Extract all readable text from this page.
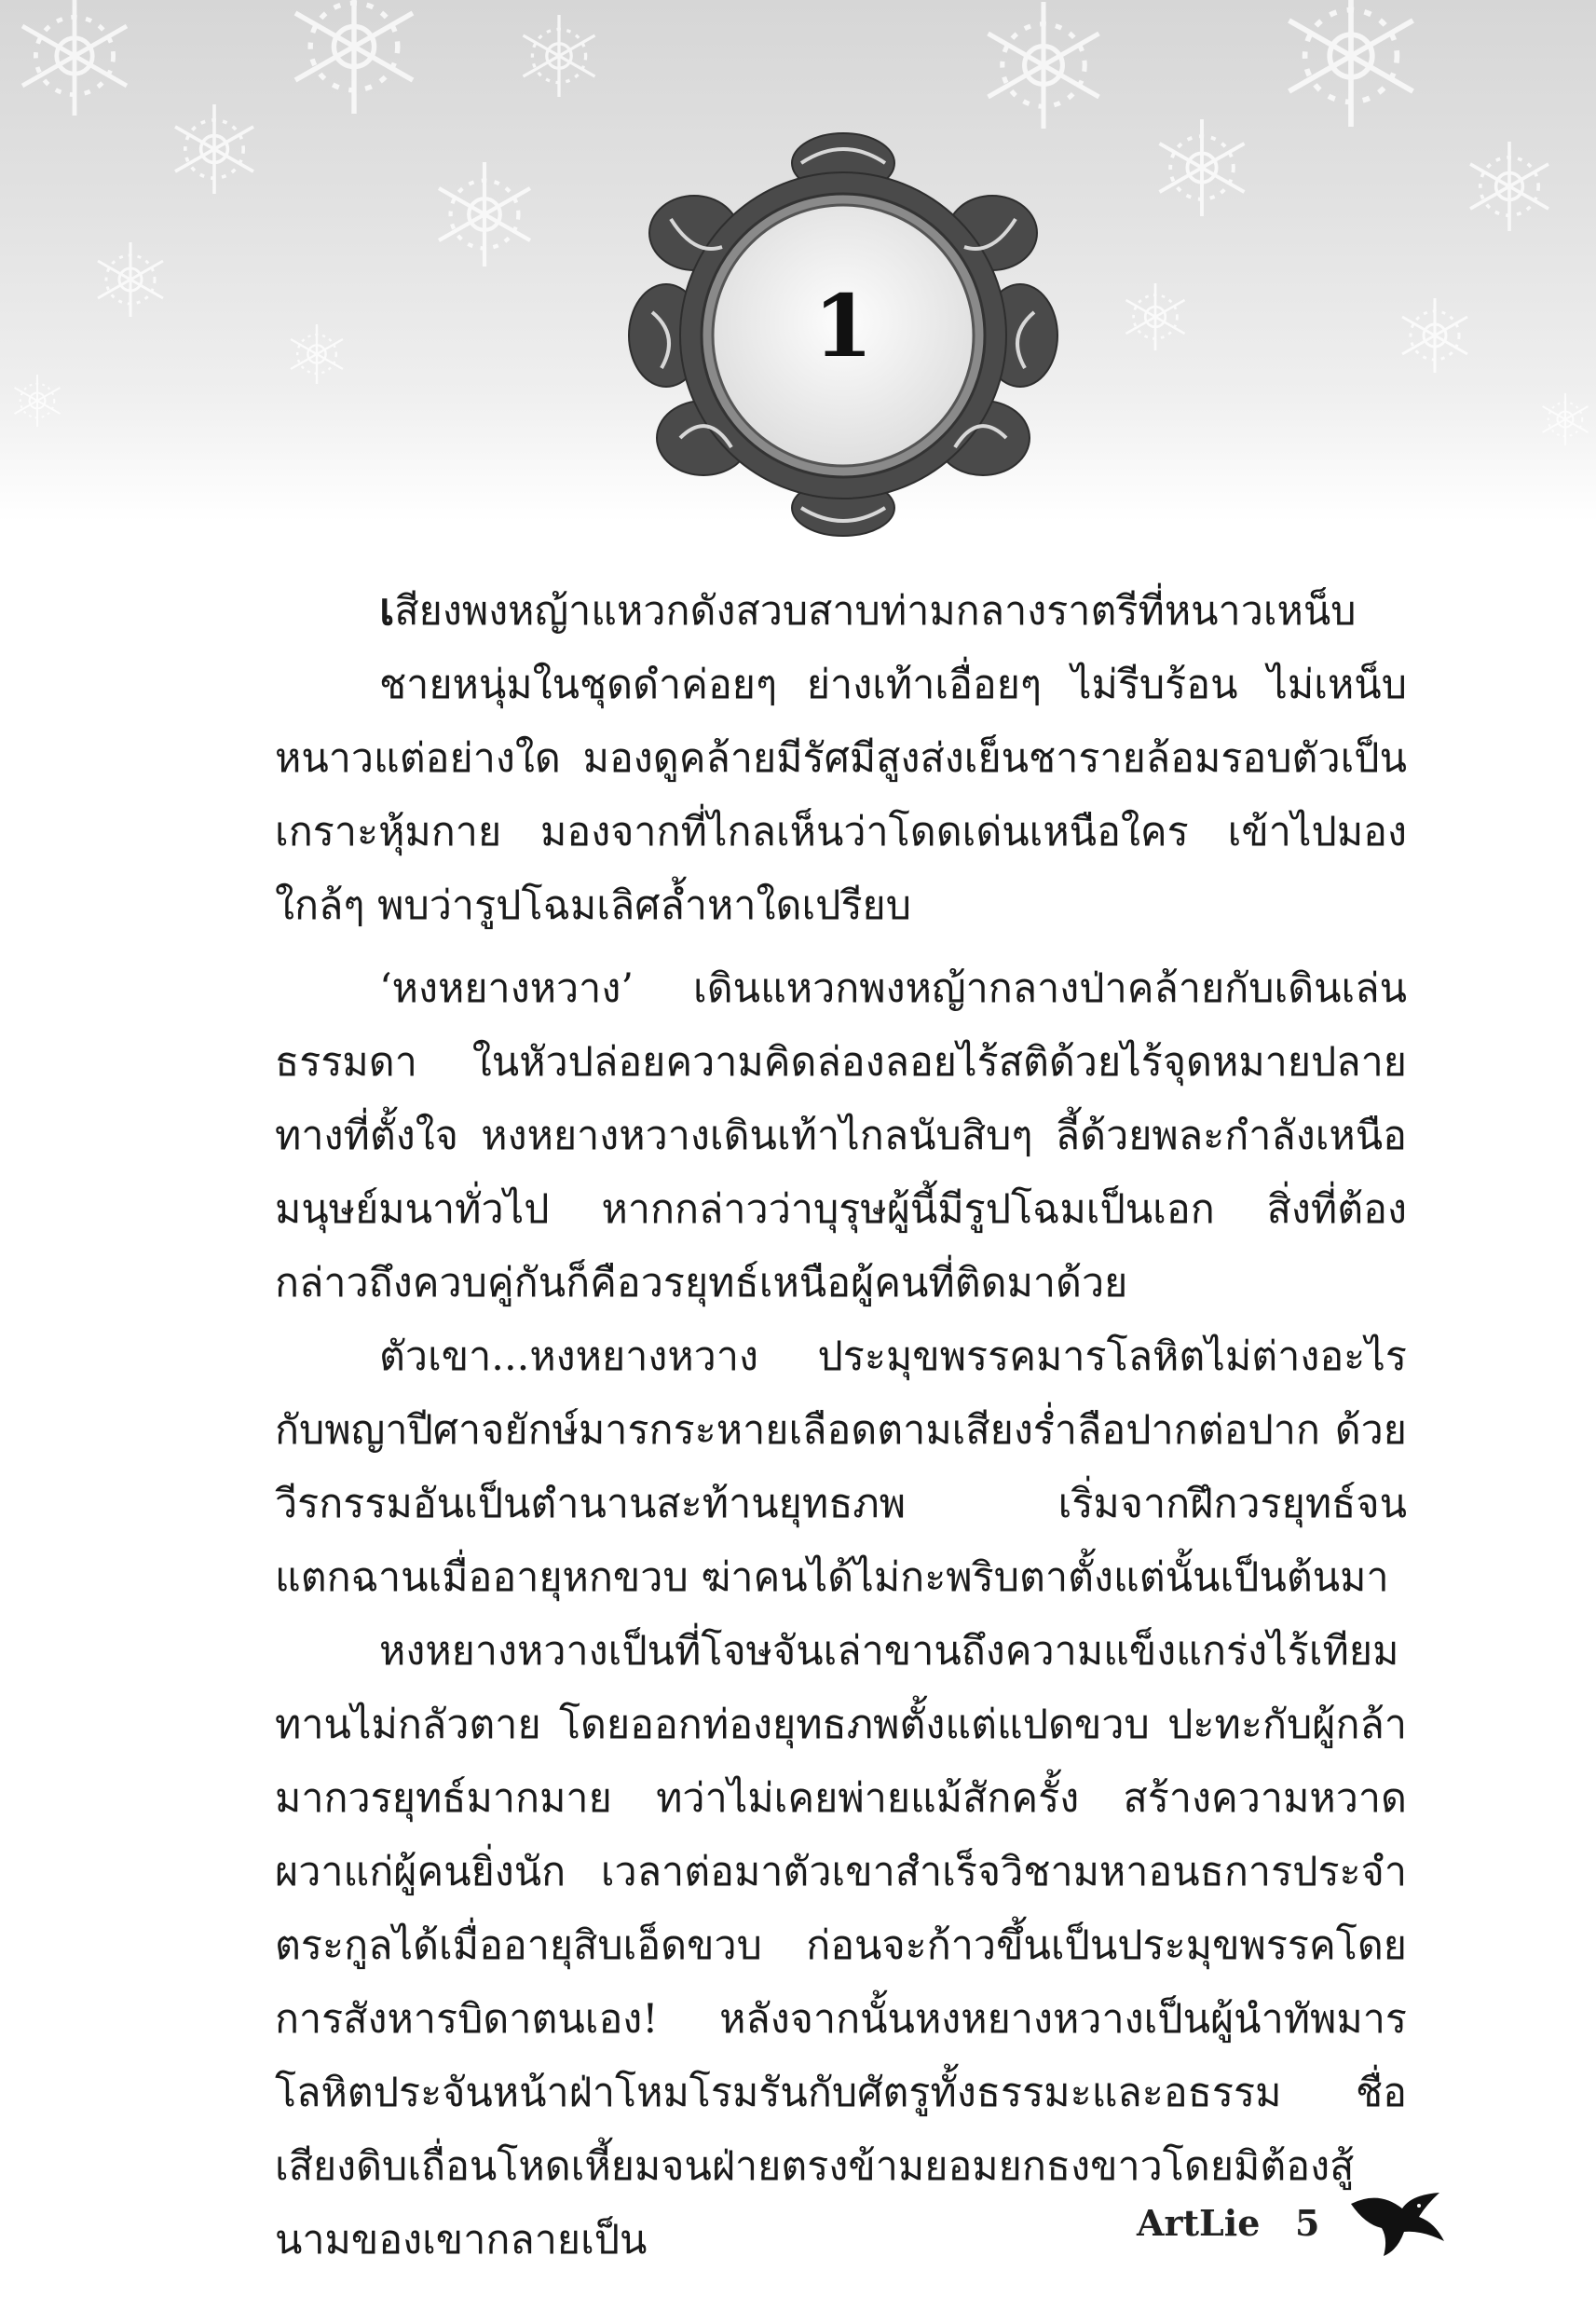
1

เสียงพงหญ้าแหวกดังสวบสาบท่ามกลางราตรีที่หนาวเหน็บ

ชายหนุ่มในชุดดำค่อยๆ ย่างเท้าเอื่อยๆ ไม่รีบร้อน ไม่เหน็บหนาวแต่อย่างใด มองดูคล้ายมีรัศมีสูงส่งเย็นชารายล้อมรอบตัวเป็นเกราะหุ้มกาย มองจากที่ไกลเห็นว่าโดดเด่นเหนือใคร เข้าไปมองใกล้ๆ พบว่ารูปโฉมเลิศล้ำหาใดเปรียบ

‘หงหยางหวาง’ เดินแหวกพงหญ้ากลางป่าคล้ายกับเดินเล่นธรรมดา ในหัวปล่อยความคิดล่องลอยไร้สติด้วยไร้จุดหมายปลายทางที่ตั้งใจ หงหยางหวางเดินเท้าไกลนับสิบๆ ลี้ด้วยพละกำลังเหนือมนุษย์มนาทั่วไป หากกล่าวว่าบุรุษผู้นี้มีรูปโฉมเป็นเอก สิ่งที่ต้องกล่าวถึงควบคู่กันก็คือวรยุทธ์เหนือผู้คนที่ติดมาด้วย

ตัวเขา...หงหยางหวาง ประมุขพรรคมารโลหิตไม่ต่างอะไรกับพญาปีศาจยักษ์มารกระหายเลือดตามเสียงร่ำลือปากต่อปาก ด้วยวีรกรรมอันเป็นตำนานสะท้านยุทธภพ เริ่มจากฝึกวรยุทธ์จนแตกฉานเมื่ออายุหกขวบ ฆ่าคนได้ไม่กะพริบตาตั้งแต่นั้นเป็นต้นมา

หงหยางหวางเป็นที่โจษจันเล่าขานถึงความแข็งแกร่งไร้เทียมทานไม่กลัวตาย โดยออกท่องยุทธภพตั้งแต่แปดขวบ ปะทะกับผู้กล้ามากวรยุทธ์มากมาย ทว่าไม่เคยพ่ายแม้สักครั้ง สร้างความหวาดผวาแก่ผู้คนยิ่งนัก เวลาต่อมาตัวเขาสำเร็จวิชามหาอนธการประจำตระกูลได้เมื่ออายุสิบเอ็ดขวบ ก่อนจะก้าวขึ้นเป็นประมุขพรรคโดยการสังหารบิดาตนเอง! หลังจากนั้นหงหยางหวางเป็นผู้นำทัพมารโลหิตประจันหน้าฝ่าโหมโรมรันกับศัตรูทั้งธรรมะและอธรรม ชื่อเสียงดิบเถื่อนโหดเหี้ยมจนฝ่ายตรงข้ามยอมยกธงขาวโดยมิต้องสู้ นามของเขากลายเป็น	ArtLie 5
